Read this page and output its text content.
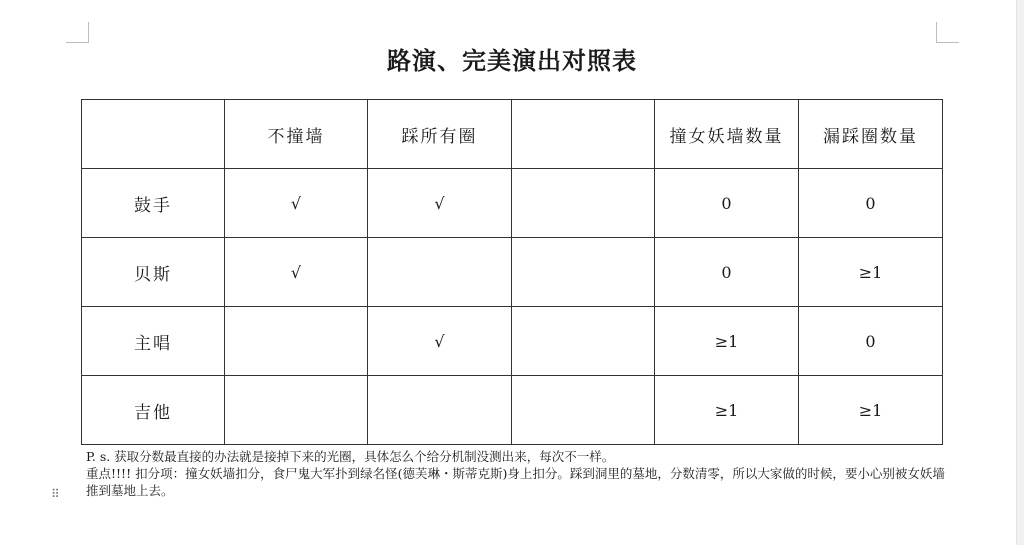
路演、完美演出对照表
	不撞墙	踩所有圈		撞女妖墙数量	漏踩圈数量
鼓手	√	√		0	0
贝斯	√			0	≥1
主唱		√		≥1	0
吉他				≥1	≥1

P. s. 获取分数最直接的办法就是接掉下来的光圈，具体怎么个给分机制没测出来，每次不一样。

重点!!!! 扣分项：撞女妖墙扣分，食尸鬼大军扑到绿名怪(德芙琳・斯蒂克斯)身上扣分。踩到洞里的墓地，分数清零，所以大家做的时候，要小心别被女妖墙推到墓地上去。

⠿
